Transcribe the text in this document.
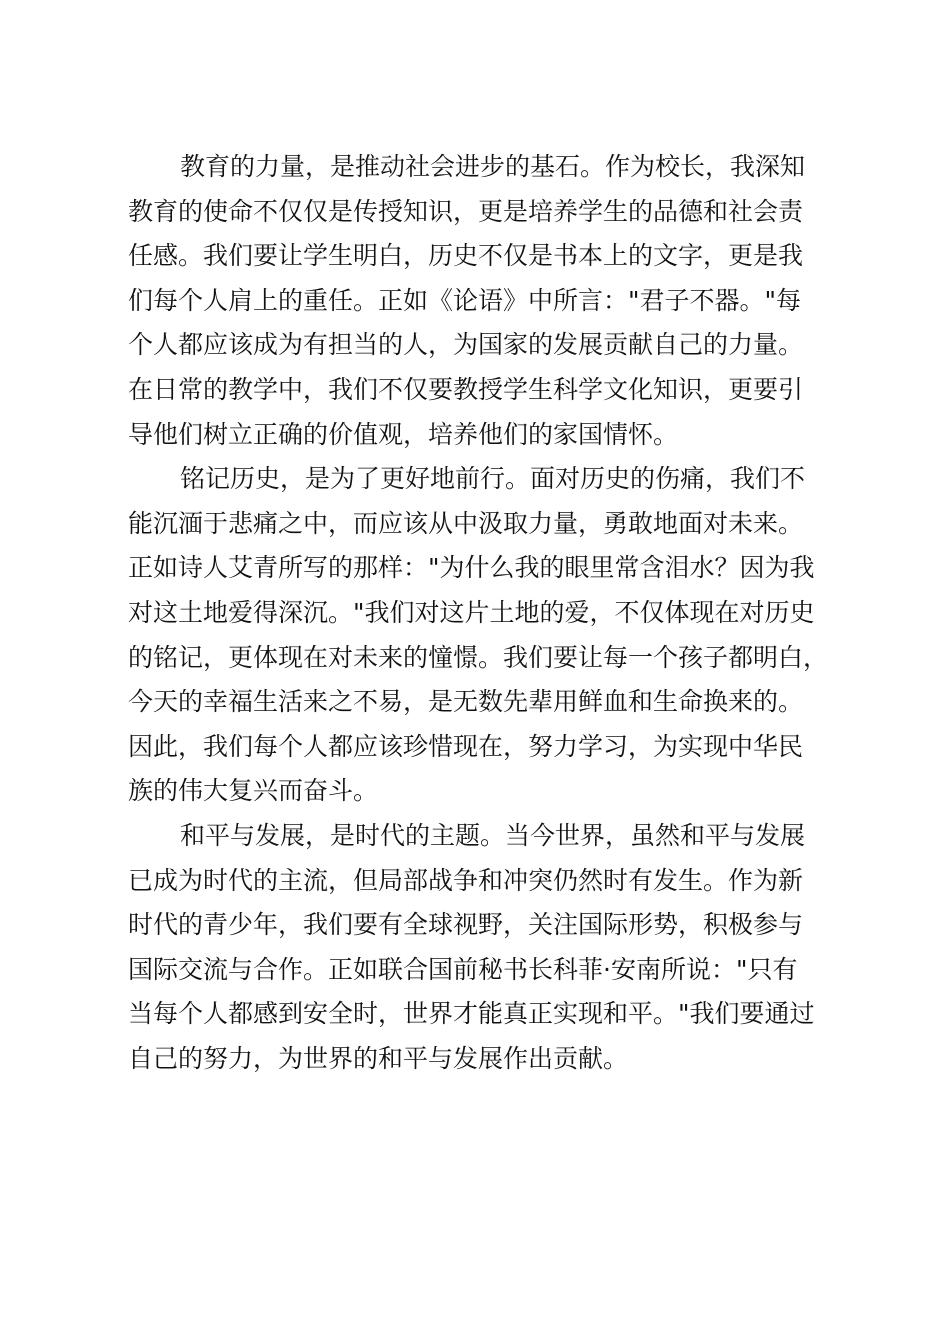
教育的力量，是推动社会进步的基石。作为校长，我深知
教育的使命不仅仅是传授知识，更是培养学生的品德和社会责
任感。我们要让学生明白，历史不仅是书本上的文字，更是我
们每个人肩上的重任。正如《论语》中所言："君子不器。"每
个人都应该成为有担当的人，为国家的发展贡献自己的力量。
在日常的教学中，我们不仅要教授学生科学文化知识，更要引
导他们树立正确的价值观，培养他们的家国情怀。
铭记历史，是为了更好地前行。面对历史的伤痛，我们不
能沉湎于悲痛之中，而应该从中汲取力量，勇敢地面对未来。
正如诗人艾青所写的那样："为什么我的眼里常含泪水？因为我
对这土地爱得深沉。"我们对这片土地的爱，不仅体现在对历史
的铭记，更体现在对未来的憧憬。我们要让每一个孩子都明白，
今天的幸福生活来之不易，是无数先辈用鲜血和生命换来的。
因此，我们每个人都应该珍惜现在，努力学习，为实现中华民
族的伟大复兴而奋斗。
和平与发展，是时代的主题。当今世界，虽然和平与发展
已成为时代的主流，但局部战争和冲突仍然时有发生。作为新
时代的青少年，我们要有全球视野，关注国际形势，积极参与
国际交流与合作。正如联合国前秘书长科菲·安南所说："只有
当每个人都感到安全时，世界才能真正实现和平。"我们要通过
自己的努力，为世界的和平与发展作出贡献。
